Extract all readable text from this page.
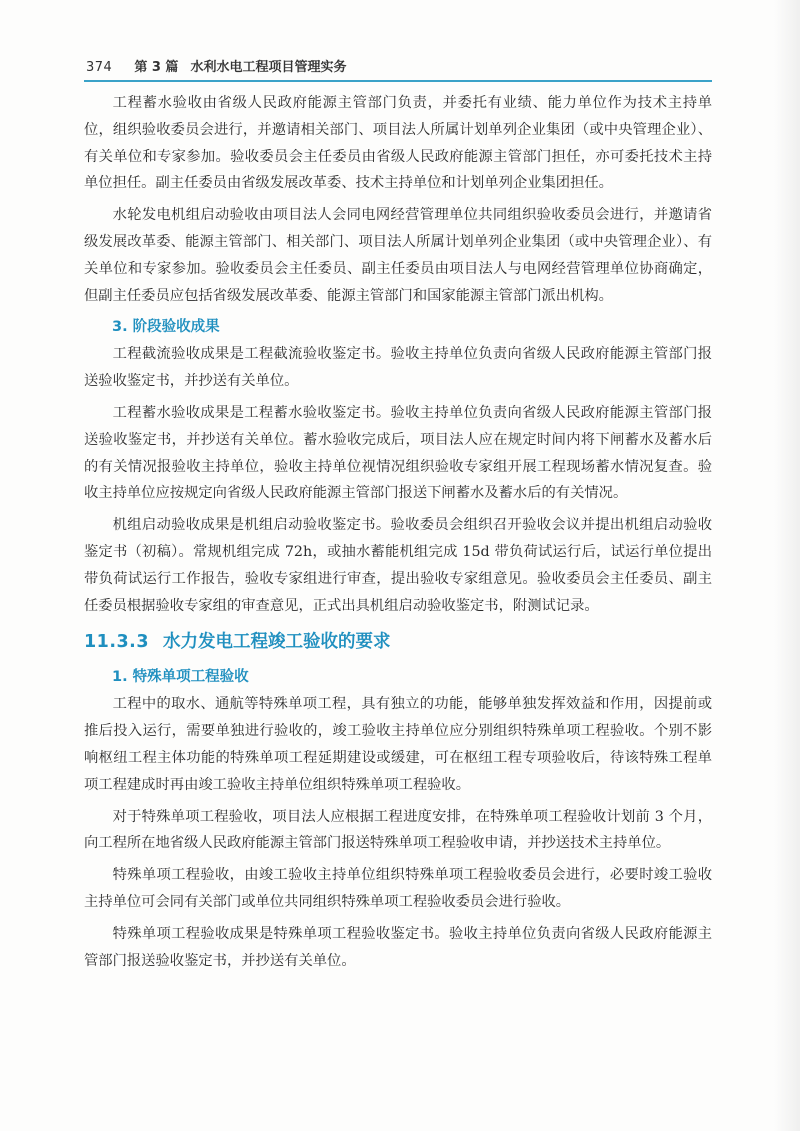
374 第 3 篇 水利水电工程项目管理实务

工程蓄水验收由省级人民政府能源主管部门负责，并委托有业绩、能力单位作为技术主持单位，组织验收委员会进行，并邀请相关部门、项目法人所属计划单列企业集团（或中央管理企业）、有关单位和专家参加。验收委员会主任委员由省级人民政府能源主管部门担任，亦可委托技术主持单位担任。副主任委员由省级发展改革委、技术主持单位和计划单列企业集团担任。

水轮发电机组启动验收由项目法人会同电网经营管理单位共同组织验收委员会进行，并邀请省级发展改革委、能源主管部门、相关部门、项目法人所属计划单列企业集团（或中央管理企业）、有关单位和专家参加。验收委员会主任委员、副主任委员由项目法人与电网经营管理单位协商确定，但副主任委员应包括省级发展改革委、能源主管部门和国家能源主管部门派出机构。

3. 阶段验收成果

工程截流验收成果是工程截流验收鉴定书。验收主持单位负责向省级人民政府能源主管部门报送验收鉴定书，并抄送有关单位。

工程蓄水验收成果是工程蓄水验收鉴定书。验收主持单位负责向省级人民政府能源主管部门报送验收鉴定书，并抄送有关单位。蓄水验收完成后，项目法人应在规定时间内将下闸蓄水及蓄水后的有关情况报验收主持单位，验收主持单位视情况组织验收专家组开展工程现场蓄水情况复查。验收主持单位应按规定向省级人民政府能源主管部门报送下闸蓄水及蓄水后的有关情况。

机组启动验收成果是机组启动验收鉴定书。验收委员会组织召开验收会议并提出机组启动验收鉴定书（初稿）。常规机组完成 72h，或抽水蓄能机组完成 15d 带负荷试运行后，试运行单位提出带负荷试运行工作报告，验收专家组进行审查，提出验收专家组意见。验收委员会主任委员、副主任委员根据验收专家组的审查意见，正式出具机组启动验收鉴定书，附测试记录。

11.3.3 水力发电工程竣工验收的要求
1. 特殊单项工程验收

工程中的取水、通航等特殊单项工程，具有独立的功能，能够单独发挥效益和作用，因提前或推后投入运行，需要单独进行验收的，竣工验收主持单位应分别组织特殊单项工程验收。个别不影响枢纽工程主体功能的特殊单项工程延期建设或缓建，可在枢纽工程专项验收后，待该特殊工程单项工程建成时再由竣工验收主持单位组织特殊单项工程验收。

对于特殊单项工程验收，项目法人应根据工程进度安排，在特殊单项工程验收计划前 3 个月，向工程所在地省级人民政府能源主管部门报送特殊单项工程验收申请，并抄送技术主持单位。

特殊单项工程验收，由竣工验收主持单位组织特殊单项工程验收委员会进行，必要时竣工验收主持单位可会同有关部门或单位共同组织特殊单项工程验收委员会进行验收。

特殊单项工程验收成果是特殊单项工程验收鉴定书。验收主持单位负责向省级人民政府能源主管部门报送验收鉴定书，并抄送有关单位。
